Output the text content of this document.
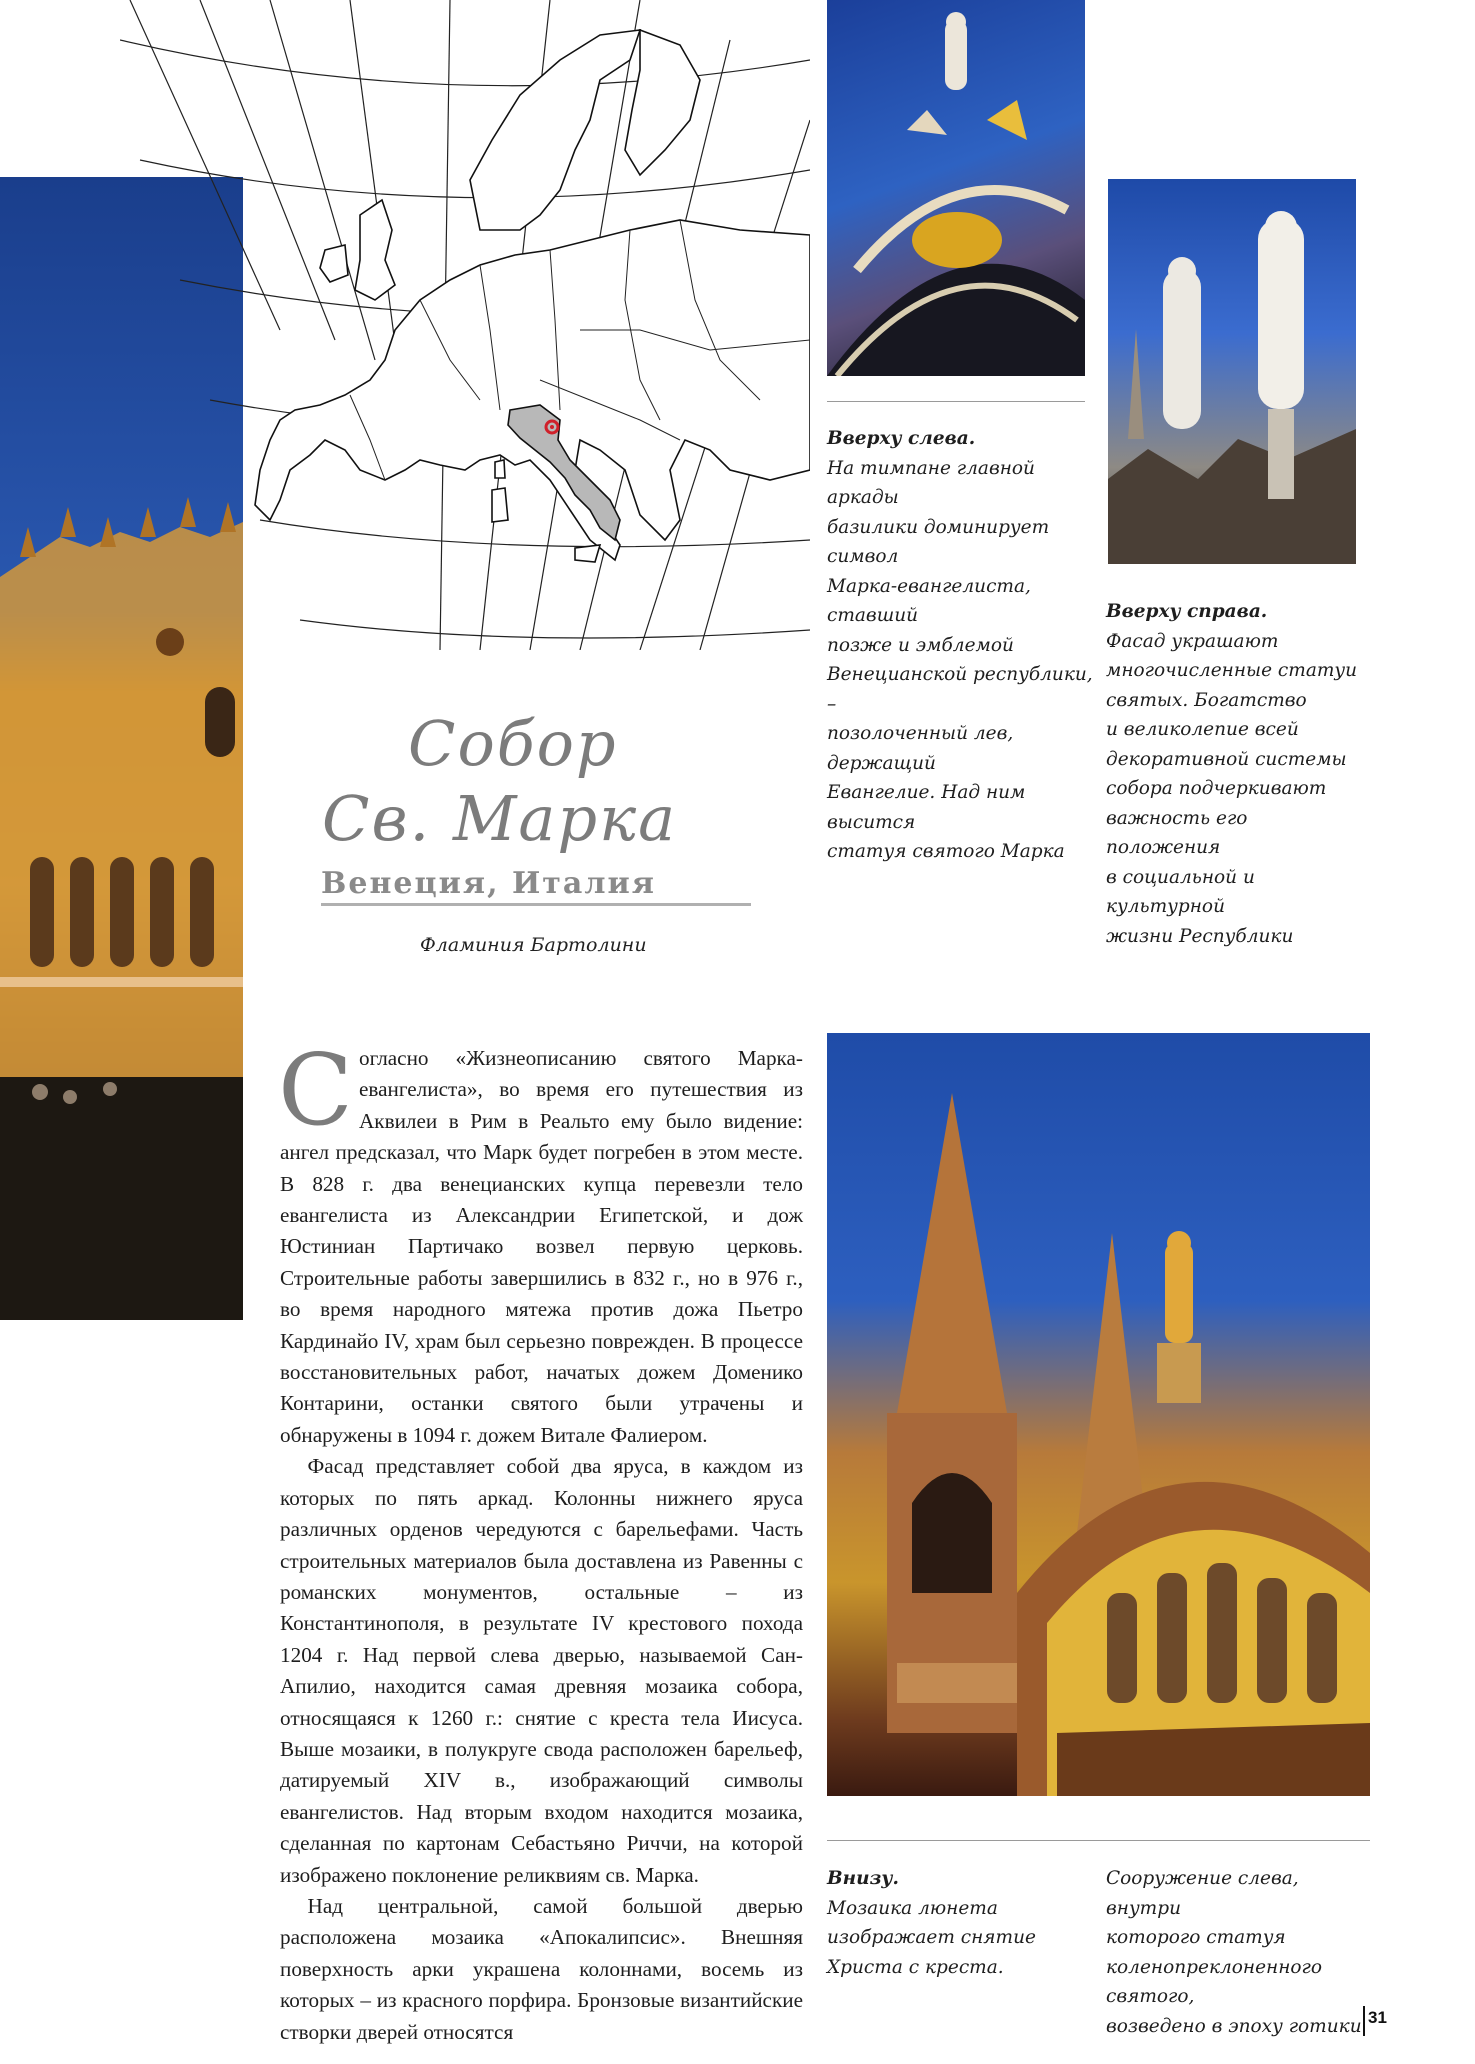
Вверху слева.
На тимпане главной аркады
базилики доминирует символ
Марка-евангелиста, ставший
позже и эмблемой
Венецианской республики, –
позолоченный лев, держащий
Евангелие. Над ним высится
статуя святого Марка
Вверху справа.
Фасад украшают
многочисленные статуи
святых. Богатство
и великолепие всей
декоративной системы
собора подчеркивают
важность его положения
в социальной и культурной
жизни Республики
Внизу.
Мозаика люнета
изображает снятие
Христа с креста.
Сооружение слева, внутри
которого статуя
коленопреклоненного святого,
возведено в эпоху готики
Собор
Св. Марка
Венеция, Италия
Фламиния Бартолини

Согласно «Жизнеописанию святого Марка-евангелиста», во время его путешествия из Аквилеи в Рим в Реальто ему было видение: ангел предсказал, что Марк будет погребен в этом месте. В 828 г. два венецианских купца перевезли тело евангелиста из Александрии Египетской, и дож Юстиниан Партичако возвел первую церковь. Строительные работы завершились в 832 г., но в 976 г., во время народного мятежа против дожа Пьетро Кардинайо IV, храм был серьезно поврежден. В процессе восстановительных работ, начатых дожем Доменико Контарини, останки святого были утрачены и обнаружены в 1094 г. дожем Витале Фалиером.

Фасад представляет собой два яруса, в каждом из которых по пять аркад. Колонны нижнего яруса различных орденов чередуются с барельефами. Часть строительных материалов была доставлена из Равенны с романских монументов, остальные – из Константинополя, в результате IV крестового похода 1204 г. Над первой слева дверью, называемой Сан-Апилио, находится самая древняя мозаика собора, относящаяся к 1260 г.: снятие с креста тела Иисуса. Выше мозаики, в полукруге свода расположен барельеф, датируемый XIV в., изображающий символы евангелистов. Над вторым входом находится мозаика, сделанная по картонам Себастьяно Риччи, на которой изображено поклонение реликвиям св. Марка.

Над центральной, самой большой дверью расположена мозаика «Апокалипсис». Внешняя поверхность арки украшена колоннами, восемь из которых – из красного порфира. Бронзовые византийские створки дверей относятся

31
